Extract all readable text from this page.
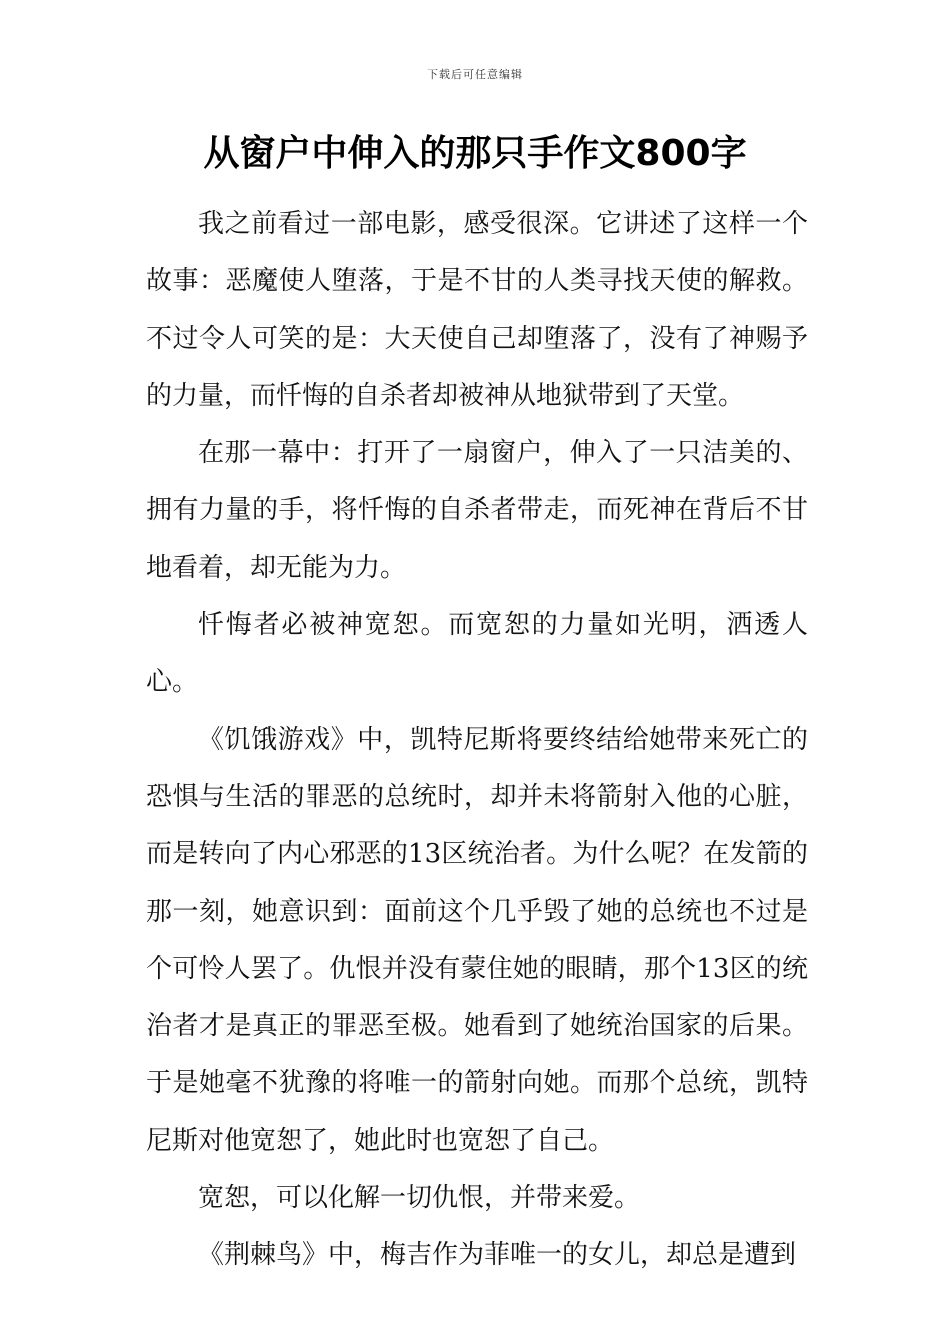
下载后可任意编辑
从窗户中伸入的那只手作文800字

我之前看过一部电影，感受很深。它讲述了这样一个故事：恶魔使人堕落，于是不甘的人类寻找天使的解救。不过令人可笑的是：大天使自己却堕落了，没有了神赐予的力量，而忏悔的自杀者却被神从地狱带到了天堂。

在那一幕中：打开了一扇窗户，伸入了一只洁美的、拥有力量的手，将忏悔的自杀者带走，而死神在背后不甘地看着，却无能为力。

忏悔者必被神宽恕。而宽恕的力量如光明，洒透人心。

《饥饿游戏》中，凯特尼斯将要终结给她带来死亡的恐惧与生活的罪恶的总统时，却并未将箭射入他的心脏，而是转向了内心邪恶的13区统治者。为什么呢？在发箭的那一刻，她意识到：面前这个几乎毁了她的总统也不过是个可怜人罢了。仇恨并没有蒙住她的眼睛，那个13区的统治者才是真正的罪恶至极。她看到了她统治国家的后果。于是她毫不犹豫的将唯一的箭射向她。而那个总统，凯特尼斯对他宽恕了，她此时也宽恕了自己。

宽恕，可以化解一切仇恨，并带来爱。

《荆棘鸟》中，梅吉作为菲唯一的女儿，却总是遭到
